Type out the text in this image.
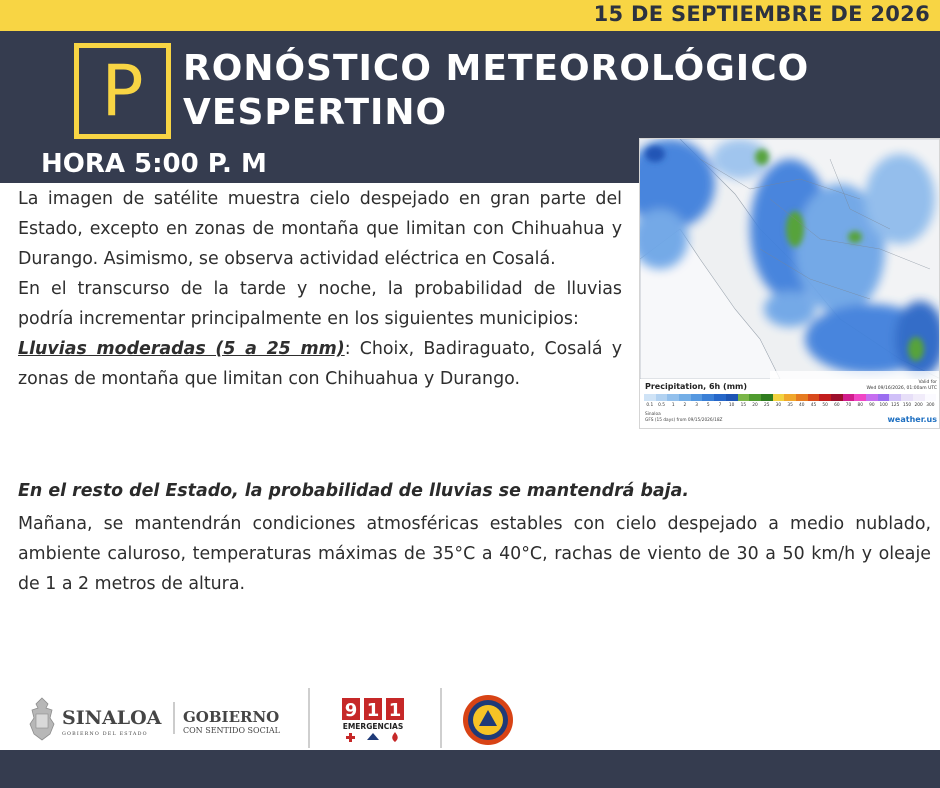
15 DE SEPTIEMBRE DE 2026
P	RONÓSTICO METEOROLÓGICO
VESPERTINO
HORA 5:00 P. M
Precipitation, 6h (mm)	Valid for
Wed 09/16/2026, 01:00am UTC
0.1	0.5	1	2	3	5	7	10	15	20	25	30	35	40	45	50	60	70	80	90	100 125 150 200 300
Sinaloa
GFS (15 days) from 09/15/2026/18Z	weather.us
La imagen de satélite muestra cielo despejado en gran parte del Estado, excepto en zonas de montaña que limitan con Chihuahua y Durango. Asimismo, se observa actividad eléctrica en Cosalá.
En el transcurso de la tarde y noche, la probabilidad de lluvias podría incrementar principalmente en los siguientes municipios:
Lluvias moderadas (5 a 25 mm): Choix, Badiraguato, Cosalá y zonas de montaña que limitan con Chihuahua y Durango.
En el resto del Estado, la probabilidad de lluvias se mantendrá baja.
Mañana, se mantendrán condiciones atmosféricas estables con cielo despejado a medio nublado, ambiente caluroso, temperaturas máximas de 35°C a 40°C, rachas de viento de 30 a 50 km/h y oleaje de 1 a 2 metros de altura.
SINALOA
GOBIERNO DEL ESTADO
GOBIERNO
CON SENTIDO SOCIAL
9 1 1
EMERGENCIAS
